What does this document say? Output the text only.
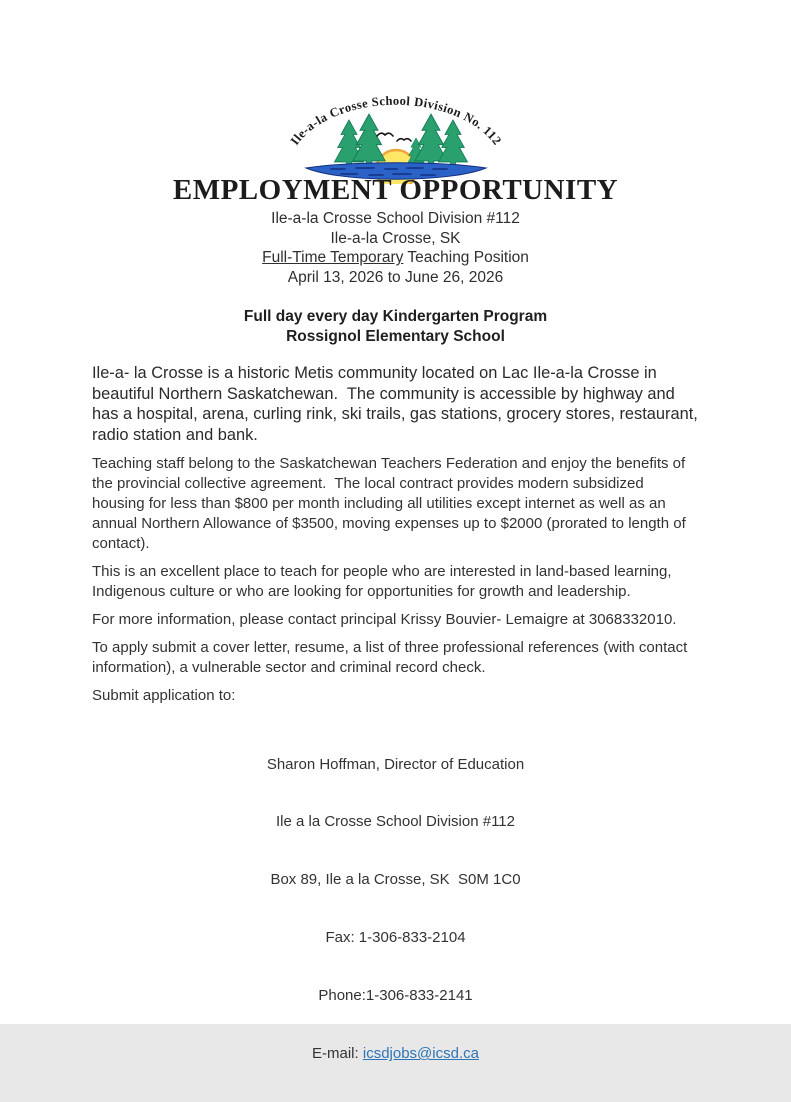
Ile-a-la Crosse School Division No. 112
EMPLOYMENT OPPORTUNITY
Ile-a-la Crosse School Division #112
Ile-a-la Crosse, SK
Full-Time Temporary Teaching Position
April 13, 2026 to June 26, 2026
Full day every day Kindergarten Program
Rossignol Elementary School

Ile-a- la Crosse is a historic Metis community located on Lac Ile-a-la Crosse in beautiful Northern Saskatchewan.  The community is accessible by highway and has a hospital, arena, curling rink, ski trails, gas stations, grocery stores, restaurant, radio station and bank.

Teaching staff belong to the Saskatchewan Teachers Federation and enjoy the benefits of the provincial collective agreement.  The local contract provides modern subsidized housing for less than $800 per month including all utilities except internet as well as an annual Northern Allowance of $3500, moving expenses up to $2000 (prorated to length of contact).

This is an excellent place to teach for people who are interested in land-based learning, Indigenous culture or who are looking for opportunities for growth and leadership.

For more information, please contact principal Krissy Bouvier- Lemaigre at 3068332010.

To apply submit a cover letter, resume, a list of three professional references (with contact information), a vulnerable sector and criminal record check.

Submit application to:

Sharon Hoffman, Director of Education

Ile a la Crosse School Division #112

Box 89, Ile a la Crosse, SK  S0M 1C0

Fax: 1-306-833-2104

Phone:1-306-833-2141

E-mail: icsdjobs@icsd.ca
